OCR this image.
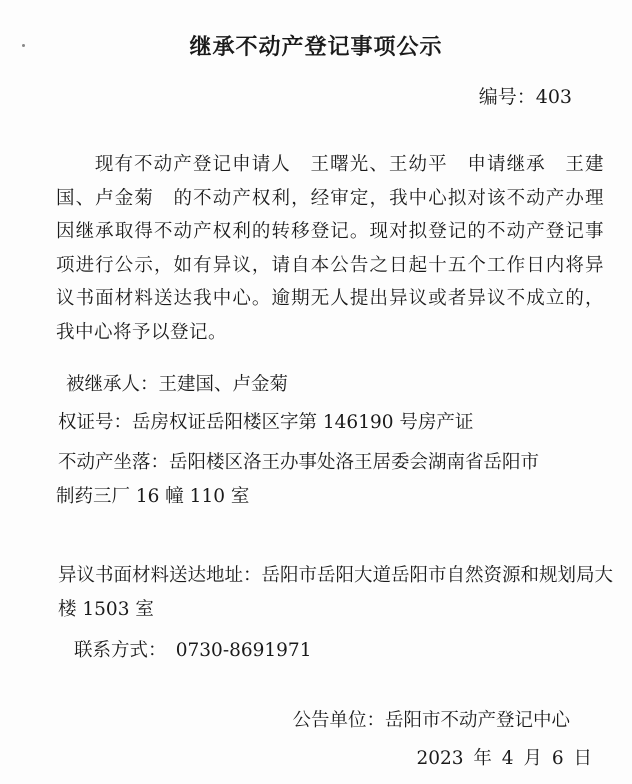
继承不动产登记事项公示
编号：403

现有不动产登记申请人　王曙光、王幼平　申请继承　王建国、卢金菊　的不动产权利，经审定，我中心拟对该不动产办理因继承取得不动产权利的转移登记。现对拟登记的不动产登记事项进行公示，如有异议，请自本公告之日起十五个工作日内将异议书面材料送达我中心。逾期无人提出异议或者异议不成立的，我中心将予以登记。

被继承人：王建国、卢金菊

权证号：岳房权证岳阳楼区字第 146190 号房产证

不动产坐落：岳阳楼区洛王办事处洛王居委会湖南省岳阳市
制药三厂 16 幢 110 室

异议书面材料送达地址：岳阳市岳阳大道岳阳市自然资源和规划局大楼 1503 室

联系方式：　0730-8691971

公告单位：岳阳市不动产登记中心
2023 年 4 月 6 日
